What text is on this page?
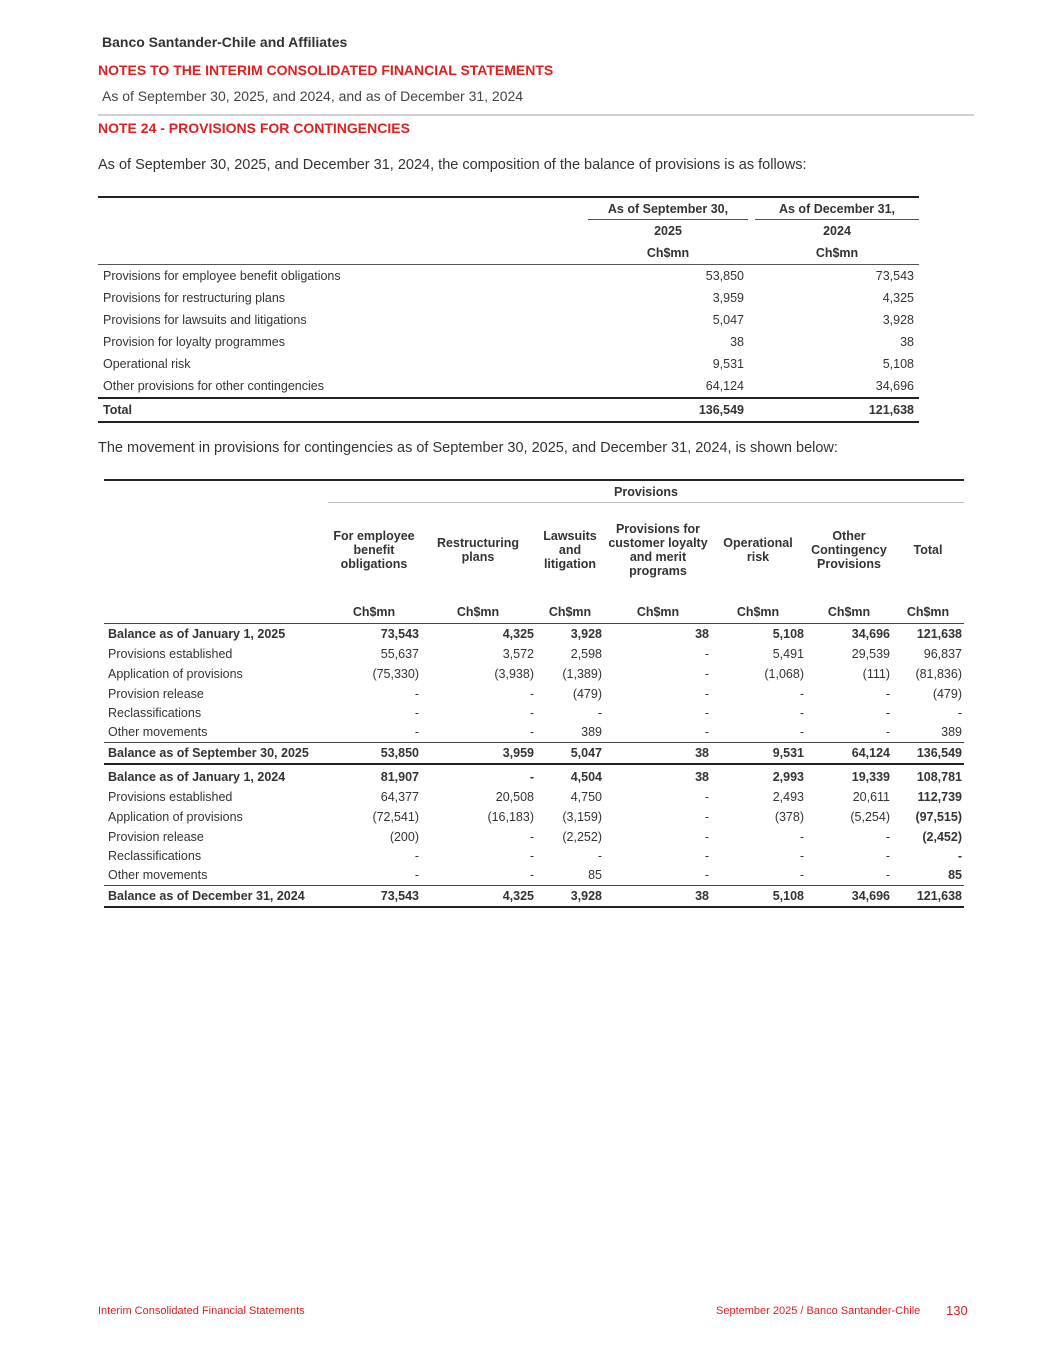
Banco Santander-Chile and Affiliates
NOTES TO THE INTERIM CONSOLIDATED FINANCIAL STATEMENTS
As of September 30, 2025, and 2024, and as of December 31, 2024
NOTE 24 - PROVISIONS FOR CONTINGENCIES
As of September 30, 2025, and December 31, 2024, the composition of the balance of provisions is as follows:
As of September 30,	As of December 31,
2025	2024
Ch$mn	Ch$mn
Provisions for employee benefit obligations	53,850	73,543
Provisions for restructuring plans	3,959	4,325
Provisions for lawsuits and litigations	5,047	3,928
Provision for loyalty programmes	38	38
Operational risk	9,531	5,108
Other provisions for other contingencies	64,124	34,696
Total	136,549	121,638
The movement in provisions for contingencies as of September 30, 2025, and December 31, 2024, is shown below:
Provisions
For employee benefit obligations
Restructuring plans
Lawsuits and litigation
Provisions for customer loyalty and merit programs
Operational risk
Other Contingency Provisions
Total
Ch$mn	Ch$mn	Ch$mn	Ch$mn	Ch$mn	Ch$mn	Ch$mn
Balance as of January 1, 2025	73,543	4,325	3,928	38	5,108	34,696 121,638
Provisions established	55,637	3,572	2,598	-	5,491	29,539	96,837
Application of provisions	(75,330)	(3,938) (1,389)	-	(1,068)	(111) (81,836)
Provision release	-	-	(479)	-	-	-	(479)
Reclassifications	-	-	-	-	-	-	-
Other movements	-	-	389	-	-	-	389
Balance as of September 30, 2025	53,850	3,959	5,047	38	9,531	64,124 136,549
Balance as of January 1, 2024	81,907	-	4,504	38	2,993	19,339 108,781
Provisions established	64,377	20,508	4,750	-	2,493	20,611 112,739
Application of provisions	(72,541)	(16,183) (3,159)	-	(378)	(5,254) (97,515)
Provision release	(200)	- (2,252)	-	-	-	(2,452)
Reclassifications	-	-	-	-	-	-	-
Other movements	-	-	85	-	-	-	85
Balance as of December 31, 2024	73,543	4,325	3,928	38	5,108	34,696 121,638
Interim Consolidated Financial Statements	September 2025 / Banco Santander-Chile 130
